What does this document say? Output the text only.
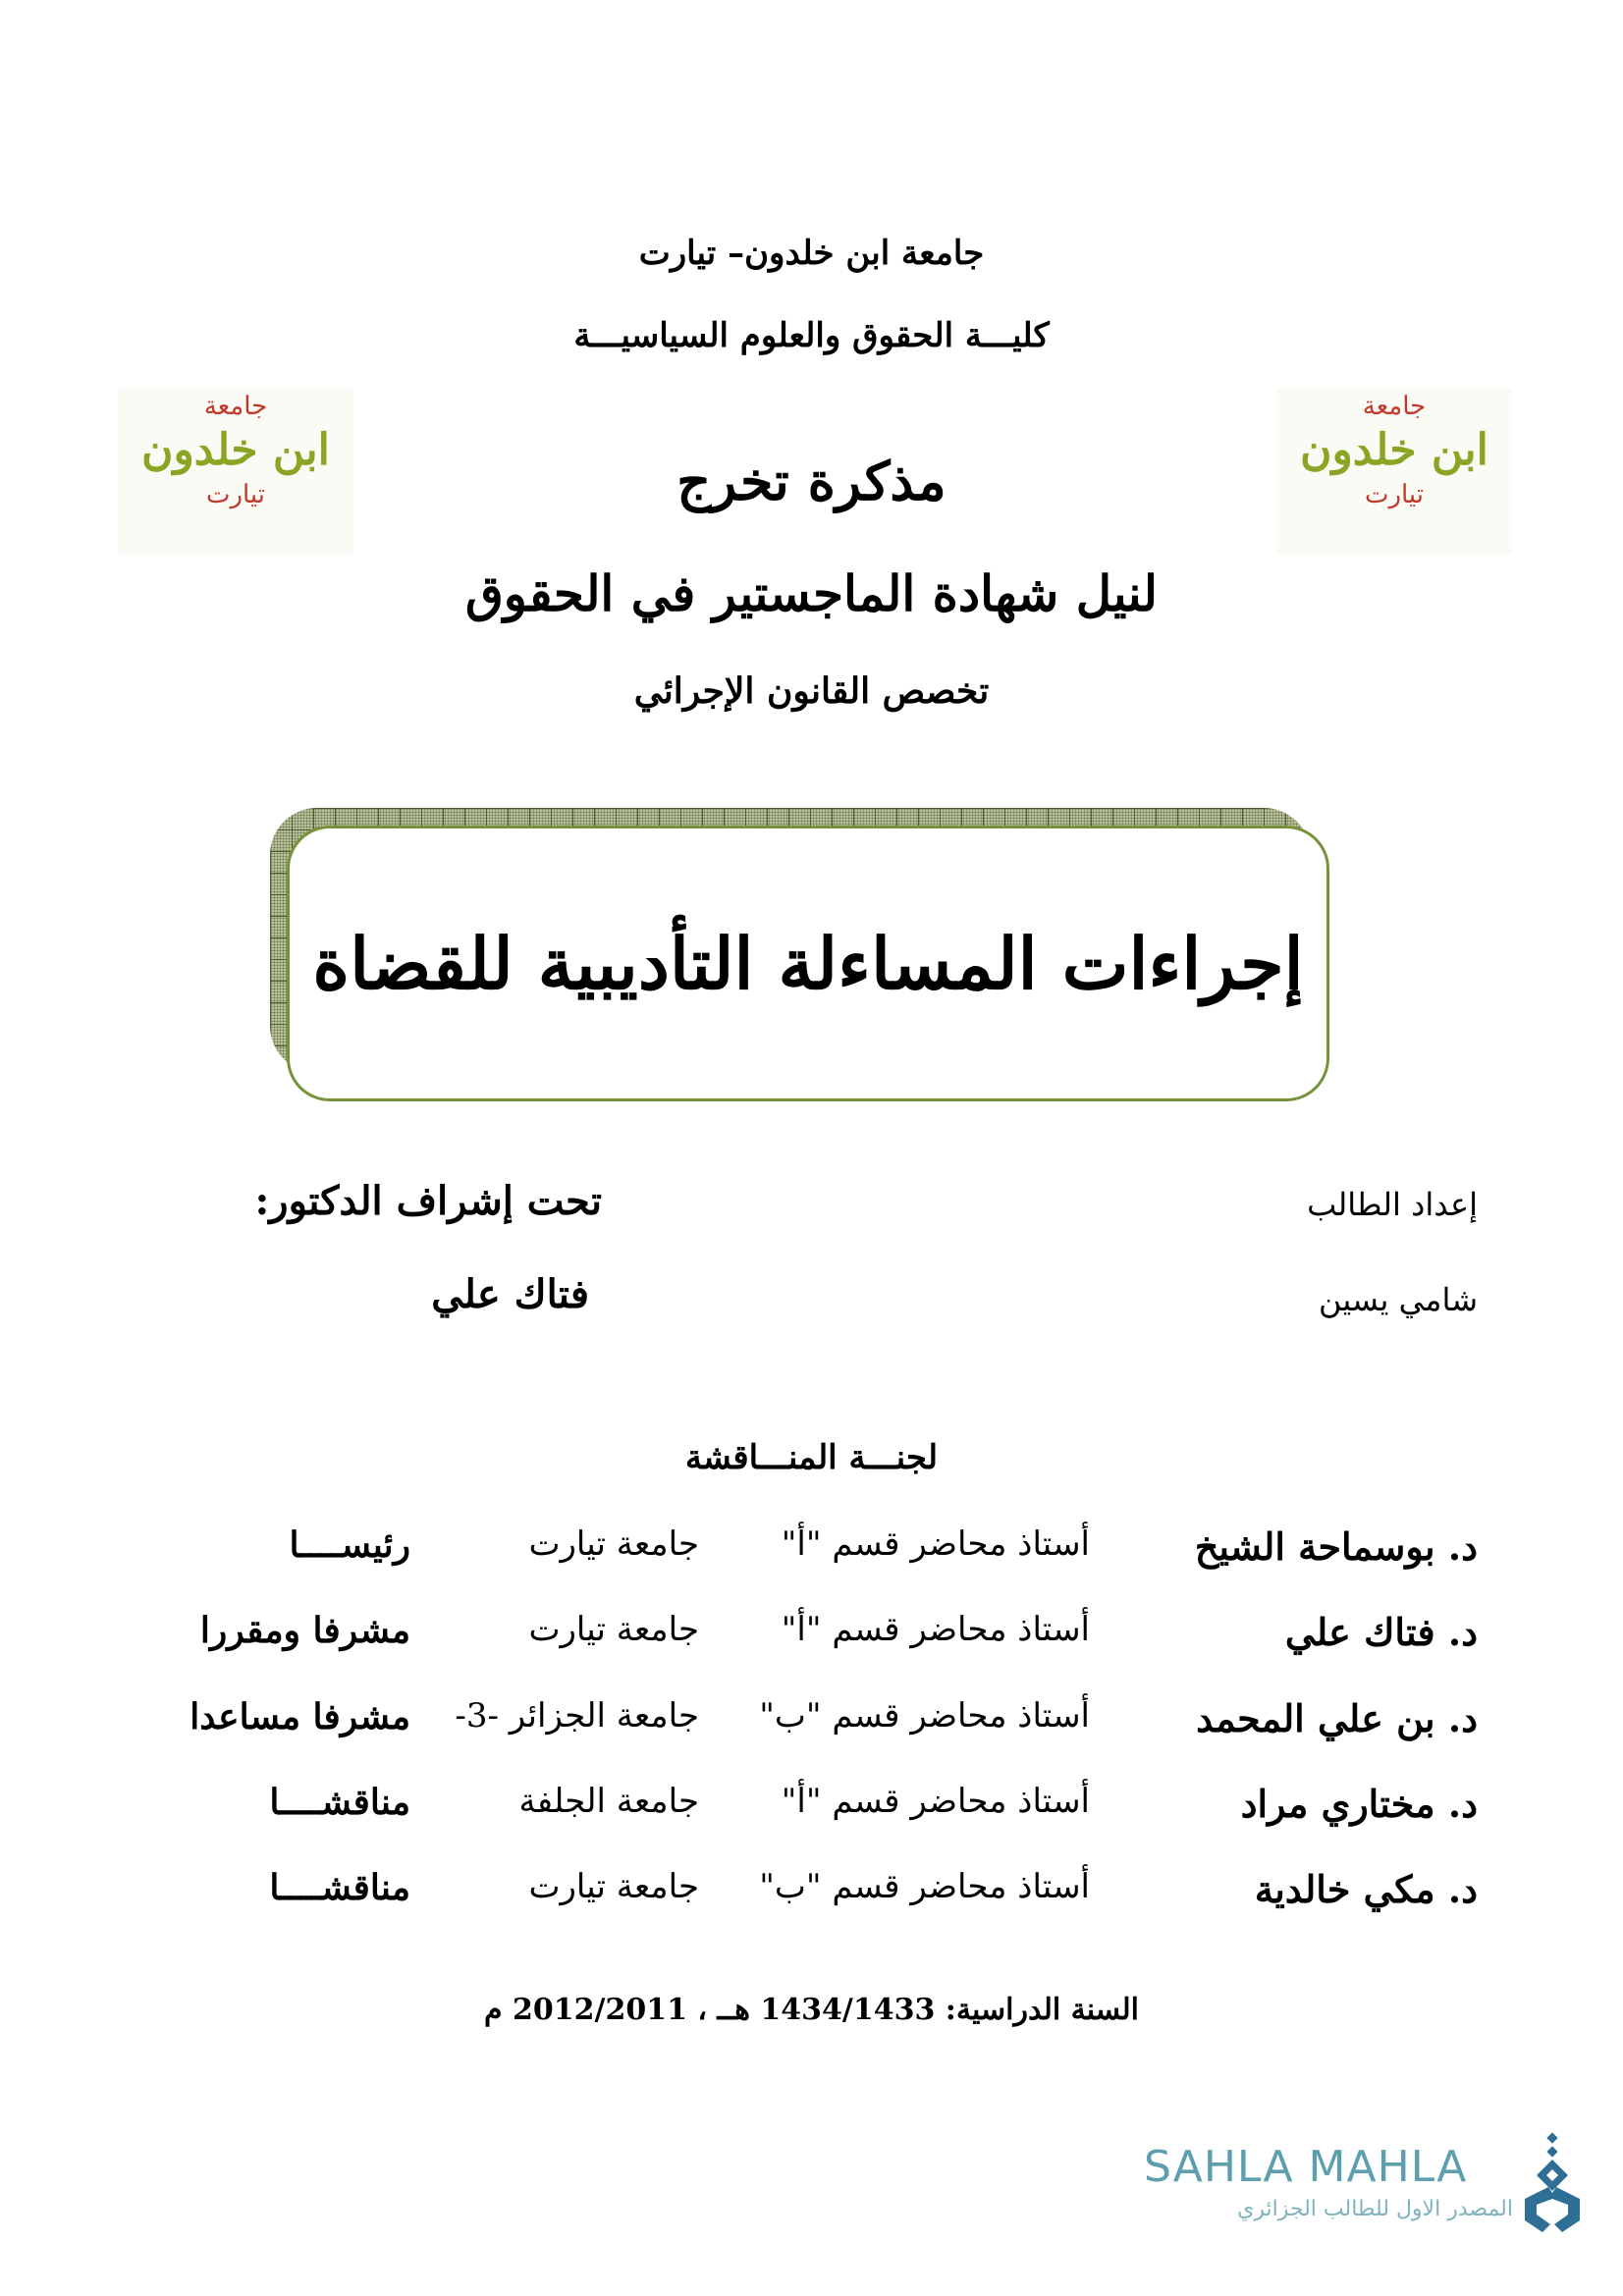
جامعة ابن خلدون– تيارت
كليـــة الحقوق والعلوم السياسيـــة
جامعة
ابن خلدون
تيارت
جامعة
ابن خلدون
تيارت
مذكرة تخرج
لنيل شهادة الماجستير في الحقوق
تخصص القانون الإجرائي
إجراءات المساءلة التأديبية للقضاة
تحت إشراف الدكتور:
فتاك علي
إعداد الطالب
شامي يسين
لجنـــة المنـــاقشة
د. بوسماحة الشيخ
أستاذ محاضر قسم "أ"
جامعة تيارت
رئيســــا
د. فتاك علي
أستاذ محاضر قسم "أ"
جامعة تيارت
مشرفا ومقررا
د. بن علي المحمد
أستاذ محاضر قسم "ب"
جامعة الجزائر -3-
مشرفا مساعدا
د. مختاري مراد
أستاذ محاضر قسم "أ"
جامعة الجلفة
مناقشــــا
د. مكي خالدية
أستاذ محاضر قسم "ب"
جامعة تيارت
مناقشــــا
السنة الدراسية: 1434/1433 هــ ، 2012/2011 م
SAHLA MAHLA
المصدر الاول للطالب الجزائري
